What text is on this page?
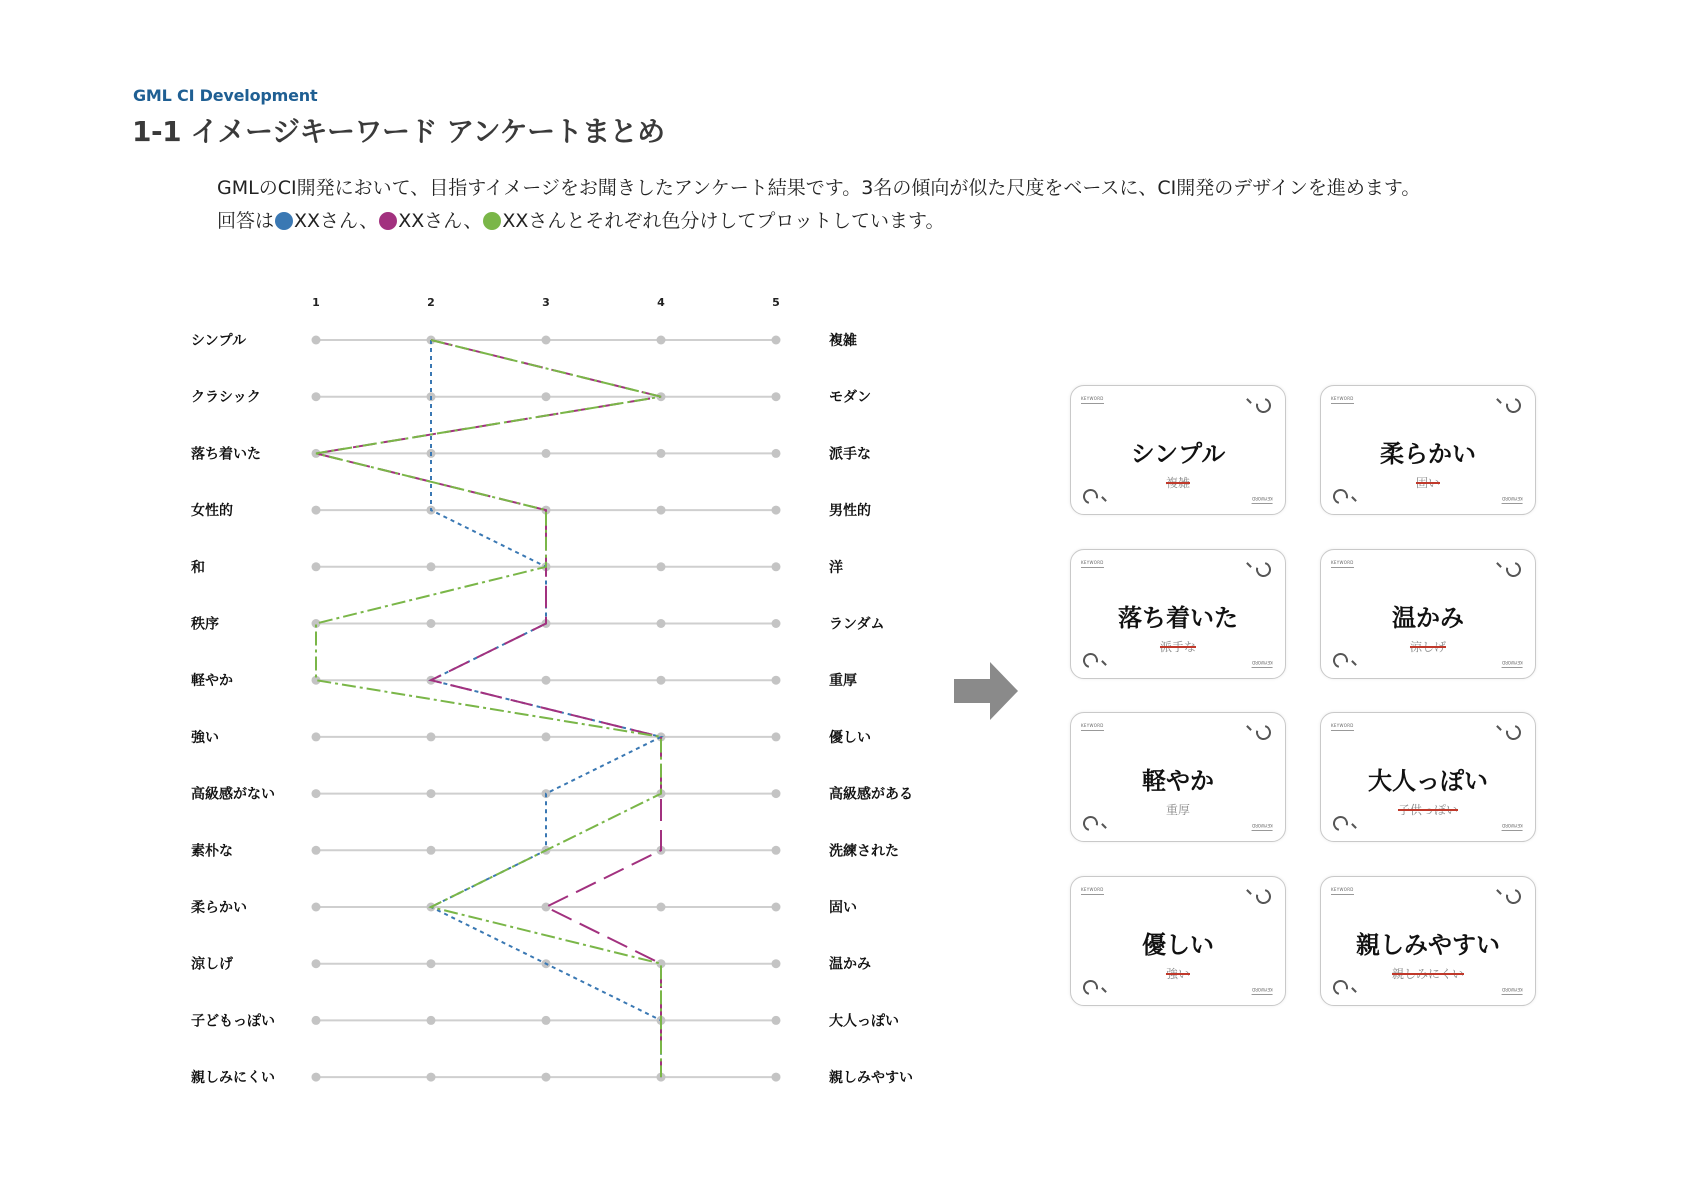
GML CI Development
1-1 イメージキーワード アンケートまとめ
GMLのCI開発において、目指すイメージをお聞きしたアンケート結果です。3名の傾向が似た尺度をベースに、CI開発のデザインを進めます。
回答は XXさん、 XXさん、 XXさんとそれぞれ色分けしてプロットしています。
1	2	3	4	5
シンプル	複雑
クラシック	モダン
落ち着いた	派手な
女性的	男性的
和	洋
秩序	ランダム
軽やか	重厚
強い	優しい
高級感がない	高級感がある
素朴な	洗練された
柔らかい	固い
涼しげ	温かみ
子どもっぽい	大人っぽい
親しみにくい	親しみやすい
KEYWORD
シンプル
複雑
KEYWORD
KEYWORD
柔らかい
固い
KEYWORD
KEYWORD
落ち着いた
派手な
KEYWORD
KEYWORD
温かみ
涼しげ
KEYWORD
KEYWORD
軽やか
重厚
KEYWORD
KEYWORD
大人っぽい
子供っぽい
KEYWORD
KEYWORD
優しい
強い
KEYWORD
KEYWORD
親しみやすい
親しみにくい
KEYWORD
